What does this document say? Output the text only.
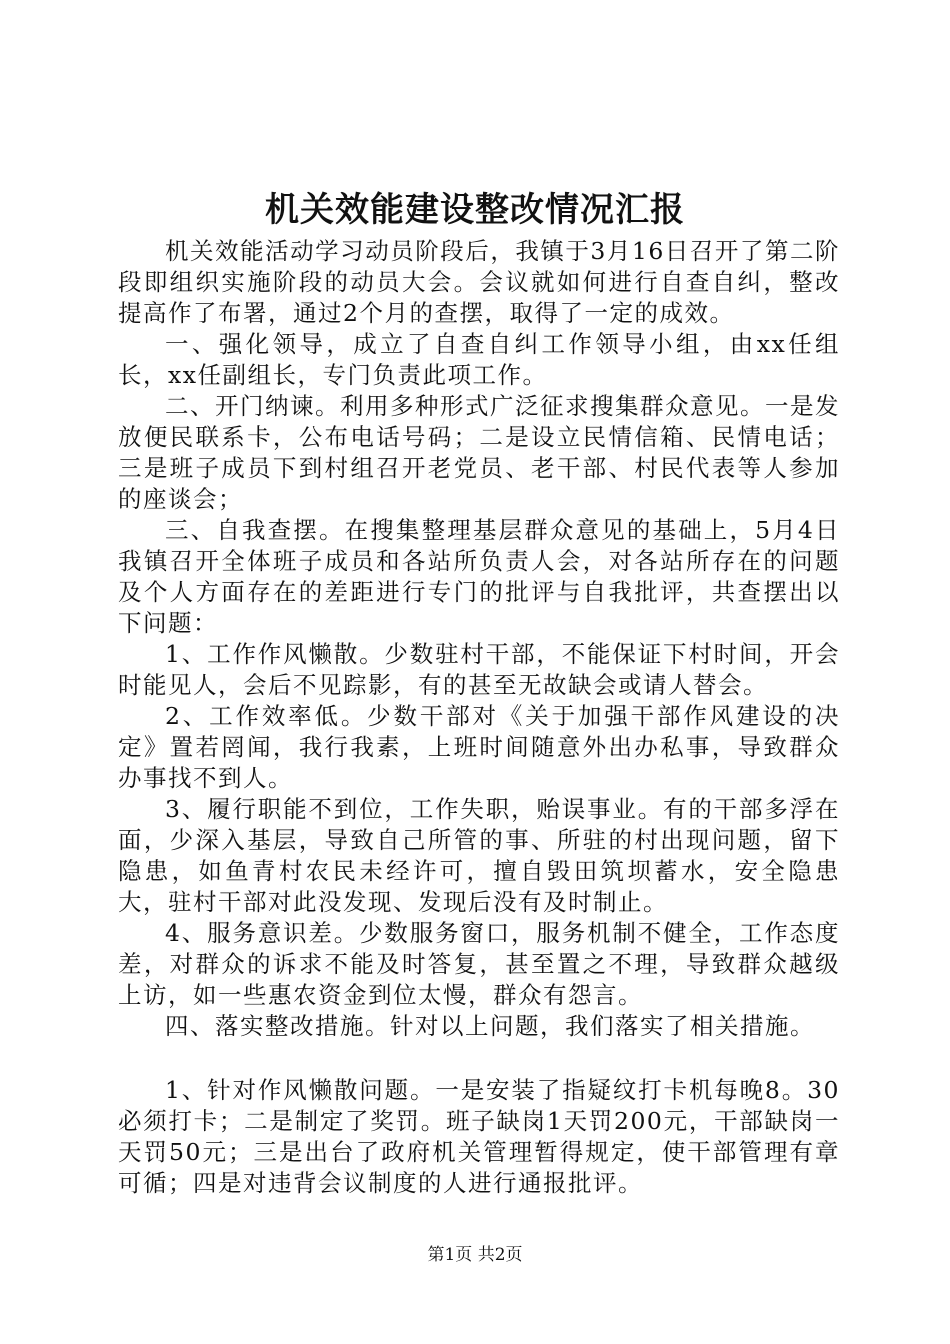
机关效能建设整改情况汇报

机关效能活动学习动员阶段后，我镇于3月16日召开了第二阶段即组织实施阶段的动员大会。会议就如何进行自查自纠，整改提高作了布署，通过2个月的查摆，取得了一定的成效。

一、强化领导，成立了自查自纠工作领导小组，由xx任组长，xx任副组长，专门负责此项工作。

二、开门纳谏。利用多种形式广泛征求搜集群众意见。一是发放便民联系卡，公布电话号码；二是设立民情信箱、民情电话；三是班子成员下到村组召开老党员、老干部、村民代表等人参加的座谈会；

三、自我查摆。在搜集整理基层群众意见的基础上，5月4日我镇召开全体班子成员和各站所负责人会，对各站所存在的问题及个人方面存在的差距进行专门的批评与自我批评，共查摆出以下问题：

1、工作作风懒散。少数驻村干部，不能保证下村时间，开会时能见人，会后不见踪影，有的甚至无故缺会或请人替会。

2、工作效率低。少数干部对《关于加强干部作风建设的决定》置若罔闻，我行我素，上班时间随意外出办私事，导致群众办事找不到人。

3、履行职能不到位，工作失职，贻误事业。有的干部多浮在面，少深入基层，导致自己所管的事、所驻的村出现问题，留下隐患，如鱼青村农民未经许可，擅自毁田筑坝蓄水，安全隐患大，驻村干部对此没发现、发现后没有及时制止。

4、服务意识差。少数服务窗口，服务机制不健全，工作态度差，对群众的诉求不能及时答复，甚至置之不理，导致群众越级上访，如一些惠农资金到位太慢，群众有怨言。

四、落实整改措施。针对以上问题，我们落实了相关措施。

1、针对作风懒散问题。一是安装了指疑纹打卡机每晚8。30必须打卡；二是制定了奖罚。班子缺岗1天罚200元，干部缺岗一天罚50元；三是出台了政府机关管理暂得规定，使干部管理有章可循；四是对违背会议制度的人进行通报批评。

第1页 共2页
